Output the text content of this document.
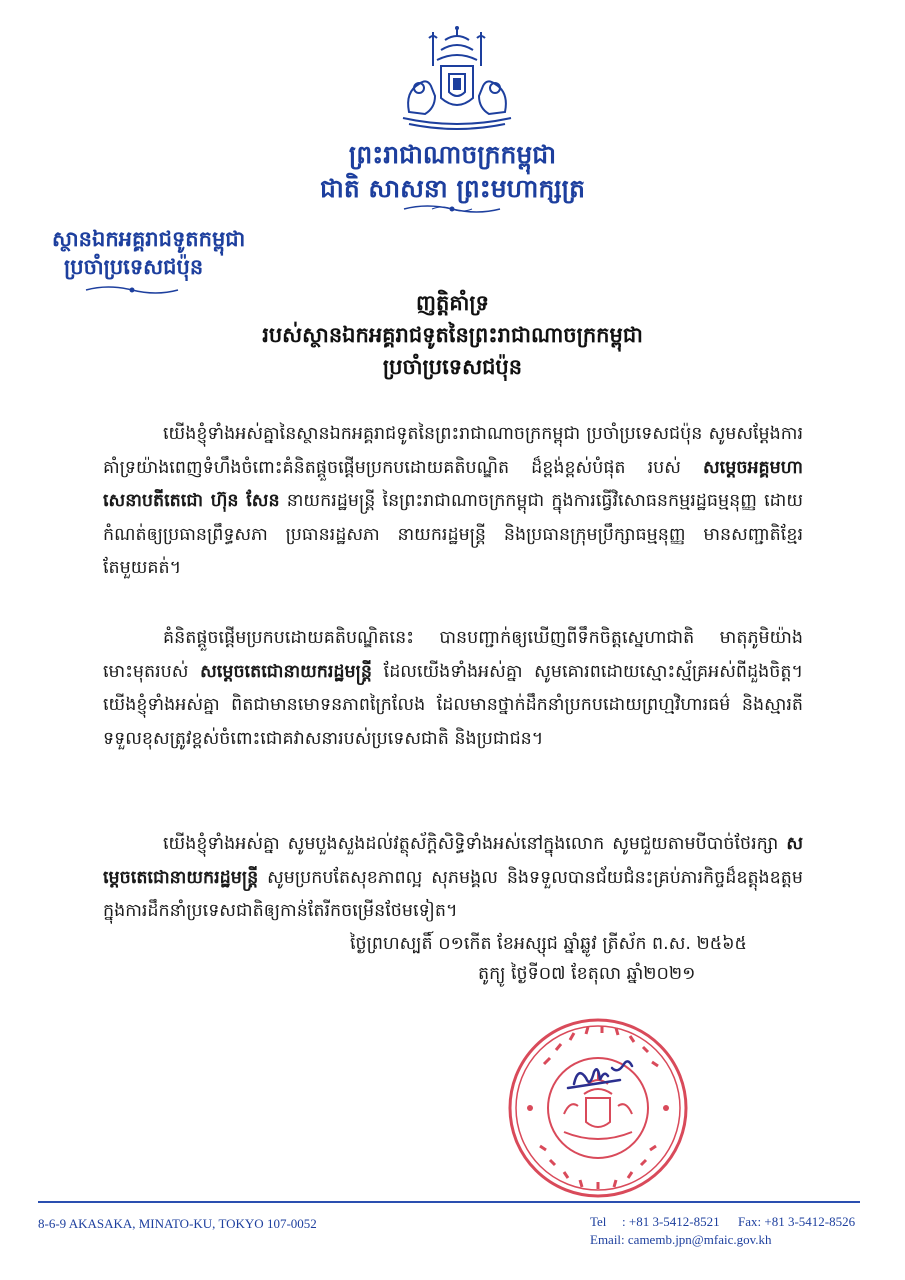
ព្រះរាជាណាចក្រកម្ពុជា
ជាតិ សាសនា ព្រះមហាក្សត្រ
ស្ថានឯកអគ្គរាជទូតកម្ពុជា
ប្រចាំប្រទេសជប៉ុន
ញត្តិគាំទ្រ
របស់ស្ថានឯកអគ្គរាជទូតនៃព្រះរាជាណាចក្រកម្ពុជា
ប្រចាំប្រទេសជប៉ុន
យើងខ្ញុំទាំងអស់គ្នានៃស្ថានឯកអគ្គរាជទូតនៃព្រះរាជាណាចក្រកម្ពុជា ប្រចាំប្រទេសជប៉ុន សូមសម្តែងការគាំទ្រយ៉ាងពេញទំហឹងចំពោះគំនិតផ្តួចផ្តើមប្រកបដោយគតិបណ្ឌិត ដ៏ខ្ពង់ខ្ពស់បំផុត របស់ សម្តេចអគ្គមហាសេនាបតីតេជោ ហ៊ុន សែន នាយករដ្ឋមន្ត្រី នៃព្រះរាជាណាចក្រកម្ពុជា ក្នុងការធ្វើវិសោធនកម្មរដ្ឋធម្មនុញ្ញ ដោយកំណត់ឲ្យប្រធានព្រឹទ្ធសភា ប្រធានរដ្ឋសភា នាយករដ្ឋមន្ត្រី និងប្រធានក្រុមប្រឹក្សាធម្មនុញ្ញ មានសញ្ជាតិខ្មែរតែមួយគត់។
គំនិតផ្តួចផ្តើមប្រកបដោយគតិបណ្ឌិតនេះ បានបញ្ជាក់ឲ្យឃើញពីទឹកចិត្តស្នេហាជាតិ មាតុភូមិយ៉ាងមោះមុតរបស់ សម្តេចតេជោនាយករដ្ឋមន្ត្រី ដែលយើងទាំងអស់គ្នា សូមគោរពដោយស្មោះស្ម័គ្រអស់ពីដួងចិត្ត។ យើងខ្ញុំទាំងអស់គ្នា ពិតជាមានមោទនភាពក្រៃលែង ដែលមានថ្នាក់ដឹកនាំប្រកបដោយព្រហ្មវិហារធម៌ និងស្មារតីទទួលខុសត្រូវខ្ពស់ចំពោះជោគវាសនារបស់ប្រទេសជាតិ និងប្រជាជន។
យើងខ្ញុំទាំងអស់គ្នា សូមបួងសួងដល់វត្ថុស័ក្តិសិទ្ធិទាំងអស់នៅក្នុងលោក សូមជួយតាមបីបាច់ថែរក្សា សម្តេចតេជោនាយករដ្ឋមន្ត្រី សូមប្រកបតែសុខភាពល្អ សុភមង្គល និងទទួលបានជ័យជំនះគ្រប់ភារកិច្ចដ៏ឧត្តុងឧត្តម ក្នុងការដឹកនាំប្រទេសជាតិឲ្យកាន់តែរីកចម្រើនថែមទៀត។
ថ្ងៃព្រហស្បតិ៍ ០១កើត ខែអស្សុជ ឆ្នាំឆ្លូវ ត្រីស័ក ព.ស. ២៥៦៥
តូក្យូ ថ្ងៃទី០៧ ខែតុលា ឆ្នាំ២០២១
8-6-9 AKASAKA, MINATO-KU, TOKYO 107-0052	Tel : +81 3-5412-8521 Fax: +81 3-5412-8526
Email: camemb.jpn@mfaic.gov.kh
